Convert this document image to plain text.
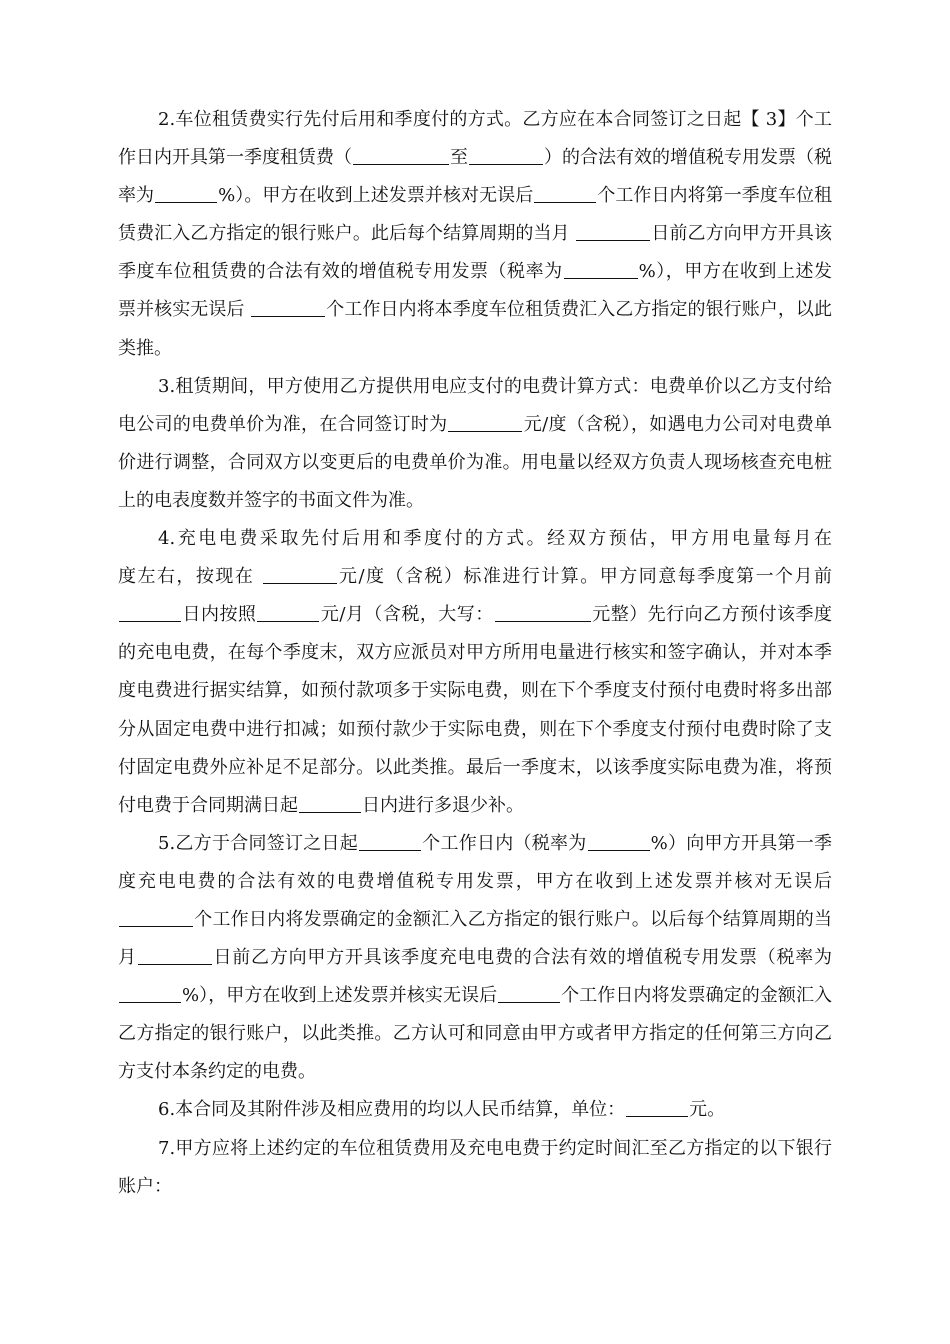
2.车位租赁费实行先付后用和季度付的方式。乙方应在本合同签订之日起【 3】个工作日内开具第一季度租赁费（	至	）的合法有效的增值税专用发票（税率为	%）。甲方在收到上述发票并核对无误后	个工作日内将第一季度车位租赁费汇入乙方指定的银行账户。此后每个结算周期的当月	日前乙方向甲方开具该季度车位租赁费的合法有效的增值税专用发票（税率为	%），甲方在收到上述发票并核实无误后	个工作日内将本季度车位租赁费汇入乙方指定的银行账户，以此类推。

3.租赁期间，甲方使用乙方提供用电应支付的电费计算方式：电费单价以乙方支付给电公司的电费单价为准，在合同签订时为	元/度（含税），如遇电力公司对电费单价进行调整，合同双方以变更后的电费单价为准。用电量以经双方负责人现场核查充电桩上的电表度数并签字的书面文件为准。

4.充电电费采取先付后用和季度付的方式。经双方预估，甲方用电量每月在                度左右，按现在	元/度（含税）标准进行计算。甲方同意每季度第一个月前日内按照	元/月（含税，大写：	元整）先行向乙方预付该季度的充电电费，在每个季度末，双方应派员对甲方所用电量进行核实和签字确认，并对本季度电费进行据实结算，如预付款项多于实际电费，则在下个季度支付预付电费时将多出部分从固定电费中进行扣减；如预付款少于实际电费，则在下个季度支付预付电费时除了支付固定电费外应补足不足部分。以此类推。最后一季度末，以该季度实际电费为准，将预付电费于合同期满日起	日内进行多退少补。

5.乙方于合同签订之日起	个工作日内（税率为	%）向甲方开具第一季度充电电费的合法有效的电费增值税专用发票，甲方在收到上述发票并核对无误后个工作日内将发票确定的金额汇入乙方指定的银行账户。以后每个结算周期的当月	日前乙方向甲方开具该季度充电电费的合法有效的增值税专用发票（税率为%），甲方在收到上述发票并核实无误后	个工作日内将发票确定的金额汇入乙方指定的银行账户，以此类推。乙方认可和同意由甲方或者甲方指定的任何第三方向乙方支付本条约定的电费。

6.本合同及其附件涉及相应费用的均以人民币结算，单位：	元。

7.甲方应将上述约定的车位租赁费用及充电电费于约定时间汇至乙方指定的以下银行账户：
